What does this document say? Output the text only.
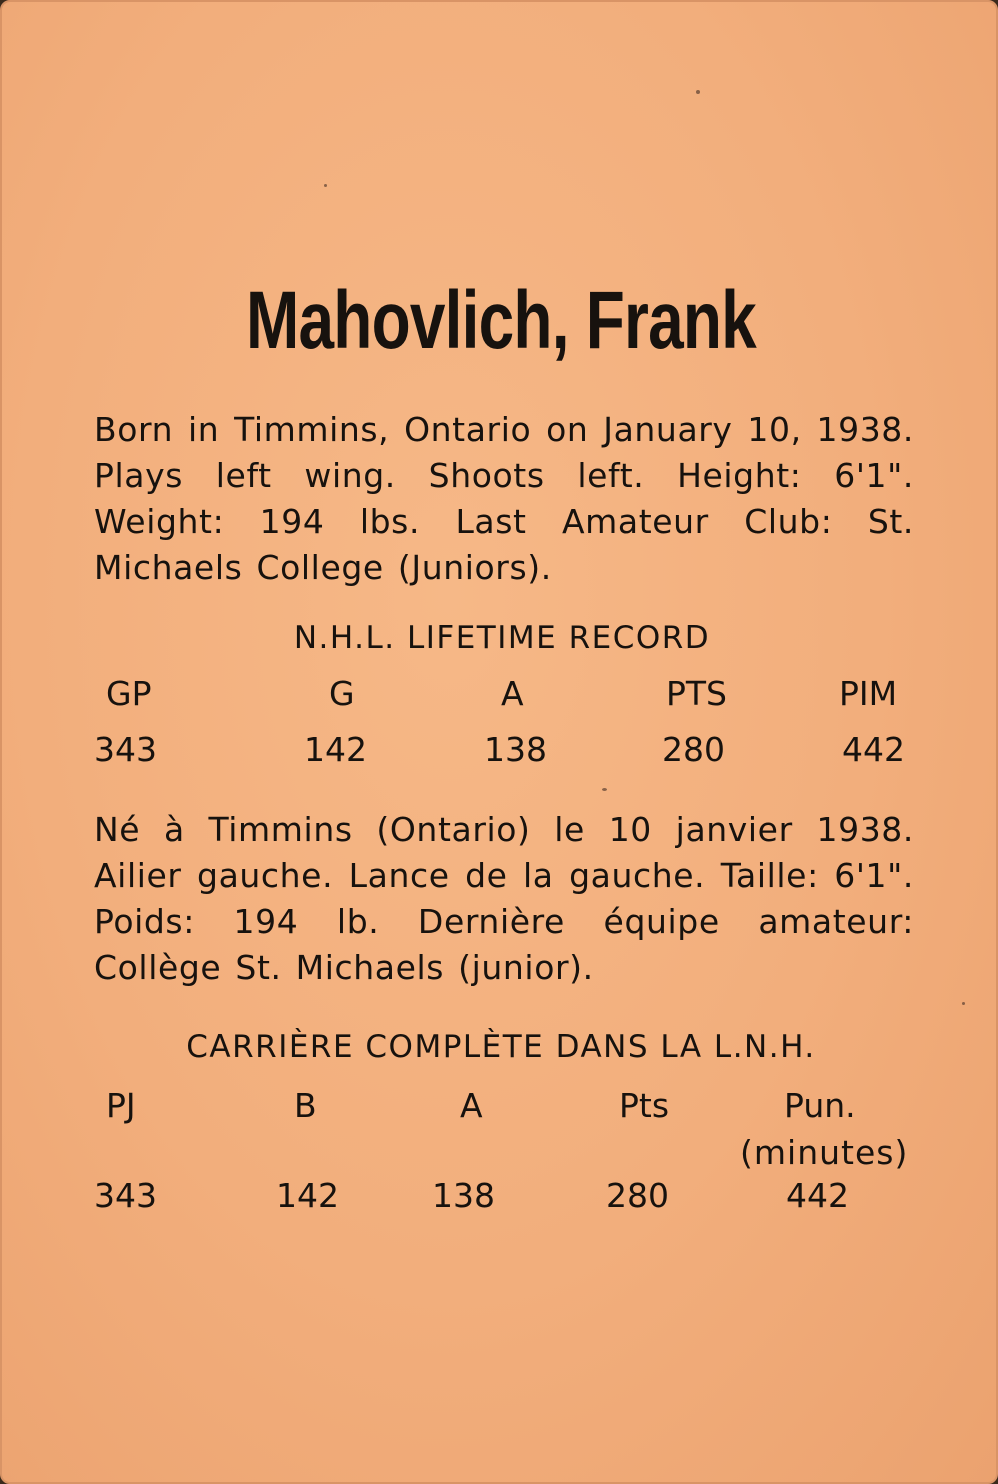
Mahovlich, Frank

Born in Timmins, Ontario on January 10, 1938. Plays left wing. Shoots left. Height: 6'1". Weight: 194 lbs. Last Amateur Club: St. Michaels College (Juniors).

N.H.L. LIFETIME RECORD
GP	G	A	PTS	PIM
343	142	138	280	442

Né à Timmins (Ontario) le 10 janvier 1938. Ailier gauche. Lance de la gauche. Taille: 6'1". Poids: 194 lb. Dernière équipe amateur: Collège St. Michaels (junior).

CARRIÈRE COMPLÈTE DANS LA L.N.H.
PJ	B	A	Pts	Pun.
(minutes)
343	142	138	280	442
